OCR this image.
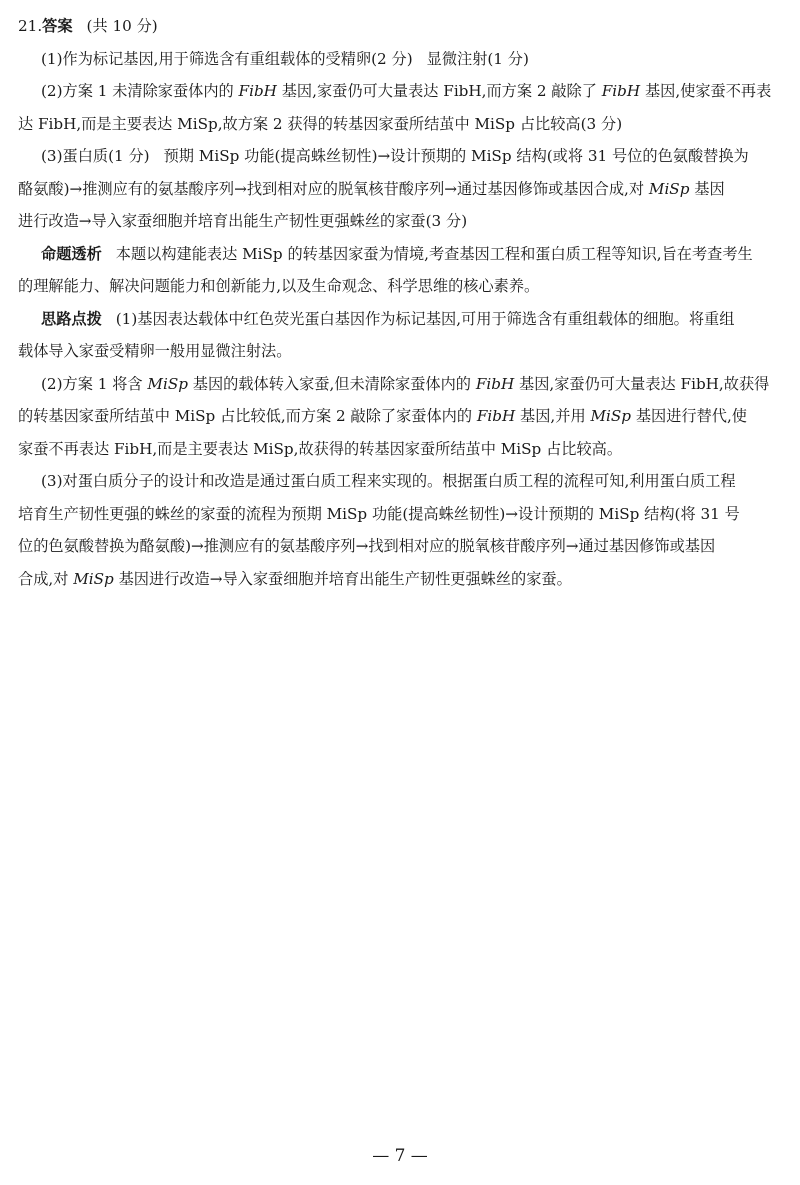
21.答案 (共 10 分)
(1)作为标记基因,用于筛选含有重组载体的受精卵(2 分) 显微注射(1 分)
(2)方案 1 未清除家蚕体内的 FibH 基因,家蚕仍可大量表达 FibH,而方案 2 敲除了 FibH 基因,使家蚕不再表
达 FibH,而是主要表达 MiSp,故方案 2 获得的转基因家蚕所结茧中 MiSp 占比较高(3 分)
(3)蛋白质(1 分) 预期 MiSp 功能(提高蛛丝韧性)→设计预期的 MiSp 结构(或将 31 号位的色氨酸替换为
酪氨酸)→推测应有的氨基酸序列→找到相对应的脱氧核苷酸序列→通过基因修饰或基因合成,对 MiSp 基因
进行改造→导入家蚕细胞并培育出能生产韧性更强蛛丝的家蚕(3 分)
命题透析 本题以构建能表达 MiSp 的转基因家蚕为情境,考查基因工程和蛋白质工程等知识,旨在考查考生
的理解能力、解决问题能力和创新能力,以及生命观念、科学思维的核心素养。
思路点拨 (1)基因表达载体中红色荧光蛋白基因作为标记基因,可用于筛选含有重组载体的细胞。将重组
载体导入家蚕受精卵一般用显微注射法。
(2)方案 1 将含 MiSp 基因的载体转入家蚕,但未清除家蚕体内的 FibH 基因,家蚕仍可大量表达 FibH,故获得
的转基因家蚕所结茧中 MiSp 占比较低,而方案 2 敲除了家蚕体内的 FibH 基因,并用 MiSp 基因进行替代,使
家蚕不再表达 FibH,而是主要表达 MiSp,故获得的转基因家蚕所结茧中 MiSp 占比较高。
(3)对蛋白质分子的设计和改造是通过蛋白质工程来实现的。根据蛋白质工程的流程可知,利用蛋白质工程
培育生产韧性更强的蛛丝的家蚕的流程为预期 MiSp 功能(提高蛛丝韧性)→设计预期的 MiSp 结构(将 31 号
位的色氨酸替换为酪氨酸)→推测应有的氨基酸序列→找到相对应的脱氧核苷酸序列→通过基因修饰或基因
合成,对 MiSp 基因进行改造→导入家蚕细胞并培育出能生产韧性更强蛛丝的家蚕。
— 7 —
